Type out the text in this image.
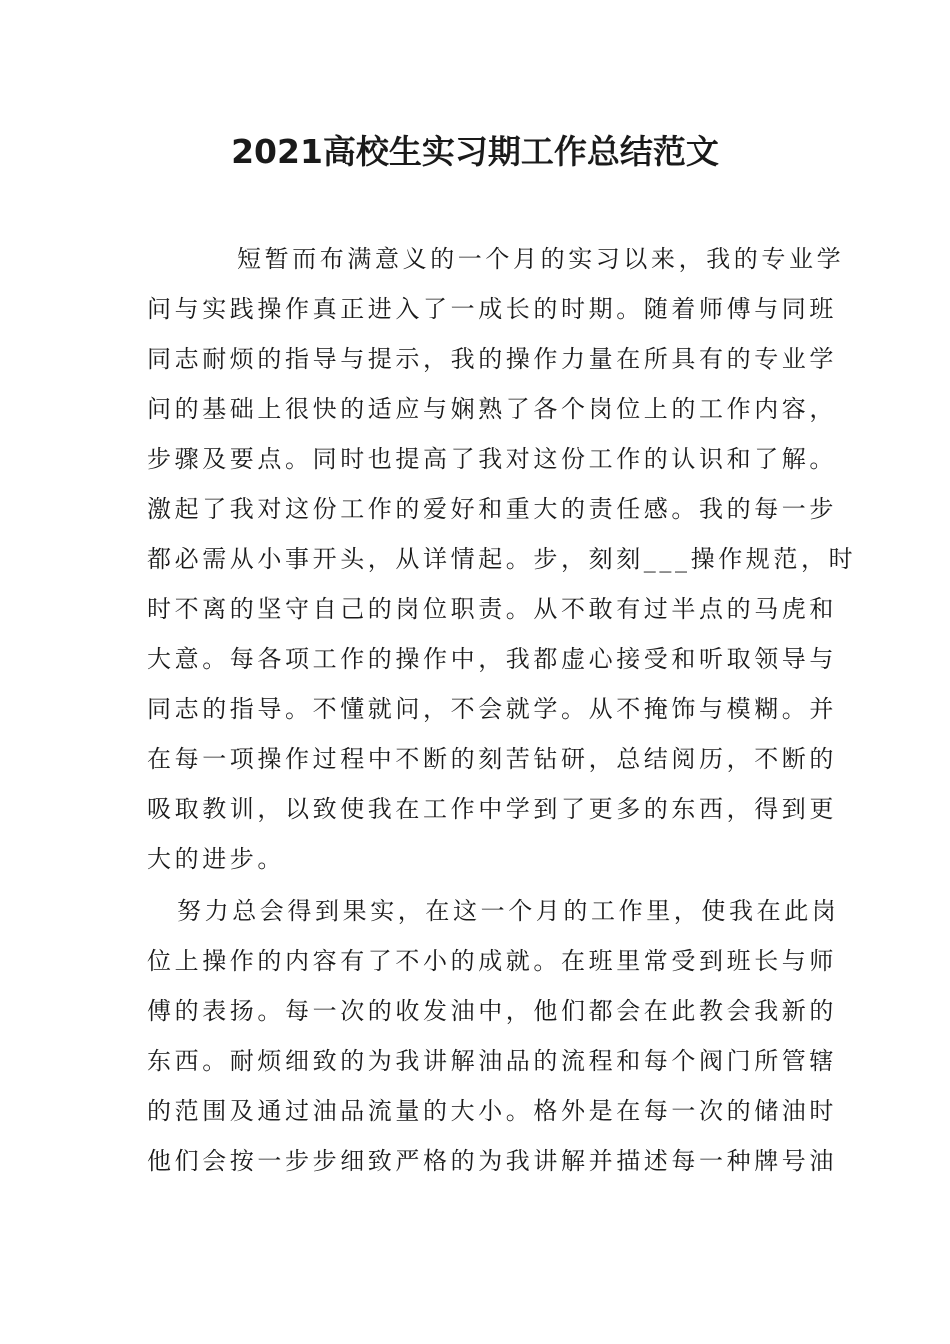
2021高校生实习期工作总结范文
短暂而布满意义的一个月的实习以来，我的专业学
问与实践操作真正进入了一成长的时期。随着师傅与同班
同志耐烦的指导与提示，我的操作力量在所具有的专业学
问的基础上很快的适应与娴熟了各个岗位上的工作内容，
步骤及要点。同时也提高了我对这份工作的认识和了解。
激起了我对这份工作的爱好和重大的责任感。我的每一步
都必需从小事开头，从详情起。步，刻刻___操作规范，时
时不离的坚守自己的岗位职责。从不敢有过半点的马虎和
大意。每各项工作的操作中，我都虚心接受和听取领导与
同志的指导。不懂就问，不会就学。从不掩饰与模糊。并
在每一项操作过程中不断的刻苦钻研，总结阅历，不断的
吸取教训，以致使我在工作中学到了更多的东西，得到更
大的进步。
努力总会得到果实，在这一个月的工作里，使我在此岗
位上操作的内容有了不小的成就。在班里常受到班长与师
傅的表扬。每一次的收发油中，他们都会在此教会我新的
东西。耐烦细致的为我讲解油品的流程和每个阀门所管辖
的范围及通过油品流量的大小。格外是在每一次的储油时
他们会按一步步细致严格的为我讲解并描述每一种牌号油
